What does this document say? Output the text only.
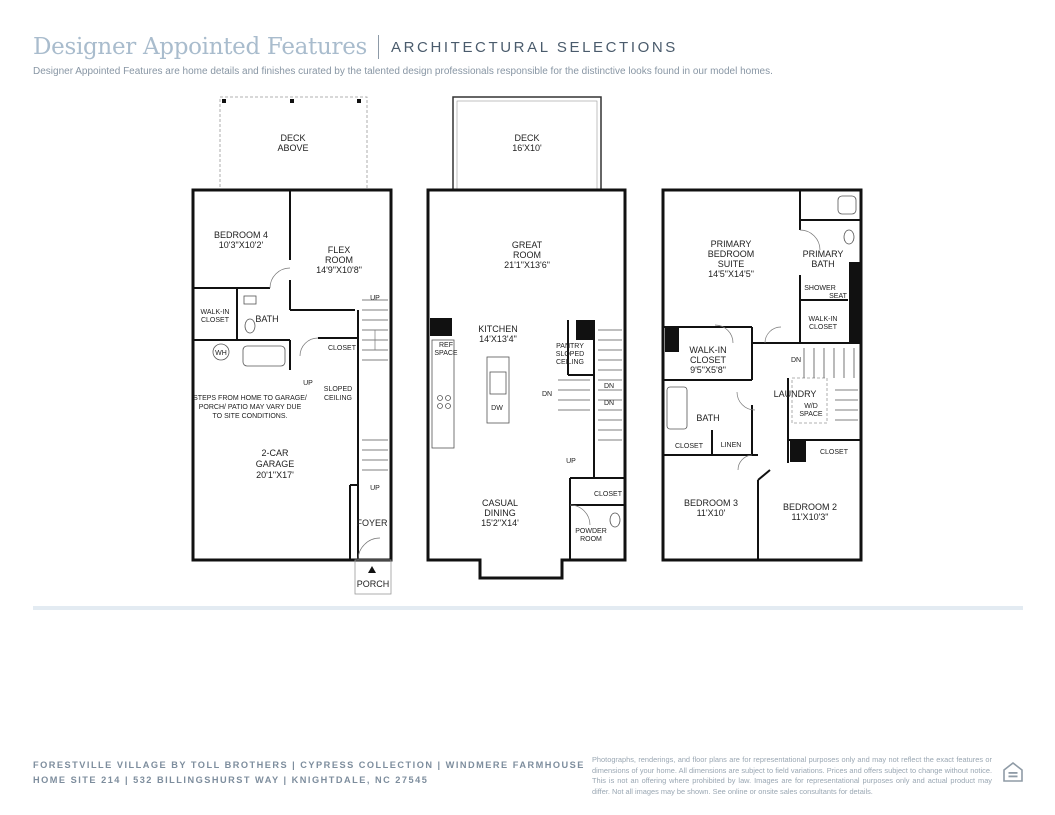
Designer Appointed Features ARCHITECTURAL SELECTIONS
Designer Appointed Features are home details and finishes curated by the talented design professionals responsible for the distinctive looks found in our model homes.
DECK
ABOVE
BEDROOM 4
10'3"X10'2'	FLEX
ROOM
14'9"X10'8"
WALK-IN
CLOSET	BATH
WH
CLOSET
UP
UP
UP
SLOPED
CEILING
STEPS FROM HOME TO GARAGE/
PORCH/ PATIO MAY VARY DUE
TO SITE CONDITIONS.
2-CAR
GARAGE
20'1"X17'
FOYER
PORCH
DECK
16'X10'
GREAT
ROOM
21'1"X13'6"
KITCHEN
14'X13'4"
REF
SPACE
PANTRY
SLOPED
CEILING
DW
DN
DN
DN
UP
CASUAL
DINING
15'2"X14'
CLOSET
POWDER
ROOM
PRIMARY
BEDROOM
SUITE
14'5"X14'5"
PRIMARY
BATH
SHOWER
SEAT
WALK-IN
CLOSET
WALK-IN
CLOSET
9'5"X5'8"
DN
LAUNDRY
W/D
SPACE
BATH
CLOSET	LINEN
CLOSET
BEDROOM 3
11'X10'
BEDROOM 2
11'X10'3"
FORESTVILLE VILLAGE BY TOLL BROTHERS | CYPRESS COLLECTION | WINDMERE FARMHOUSE
HOME SITE 214 | 532 BILLINGSHURST WAY | KNIGHTDALE, NC 27545
Photographs, renderings, and floor plans are for representational purposes only and may not reflect the exact features or dimensions of your home. All dimensions are subject to field variations. Prices and offers subject to change without notice. This is not an offering where prohibited by law. Images are for representational purposes only and actual product may differ. Not all images may be shown. See online or onsite sales consultants for details.
